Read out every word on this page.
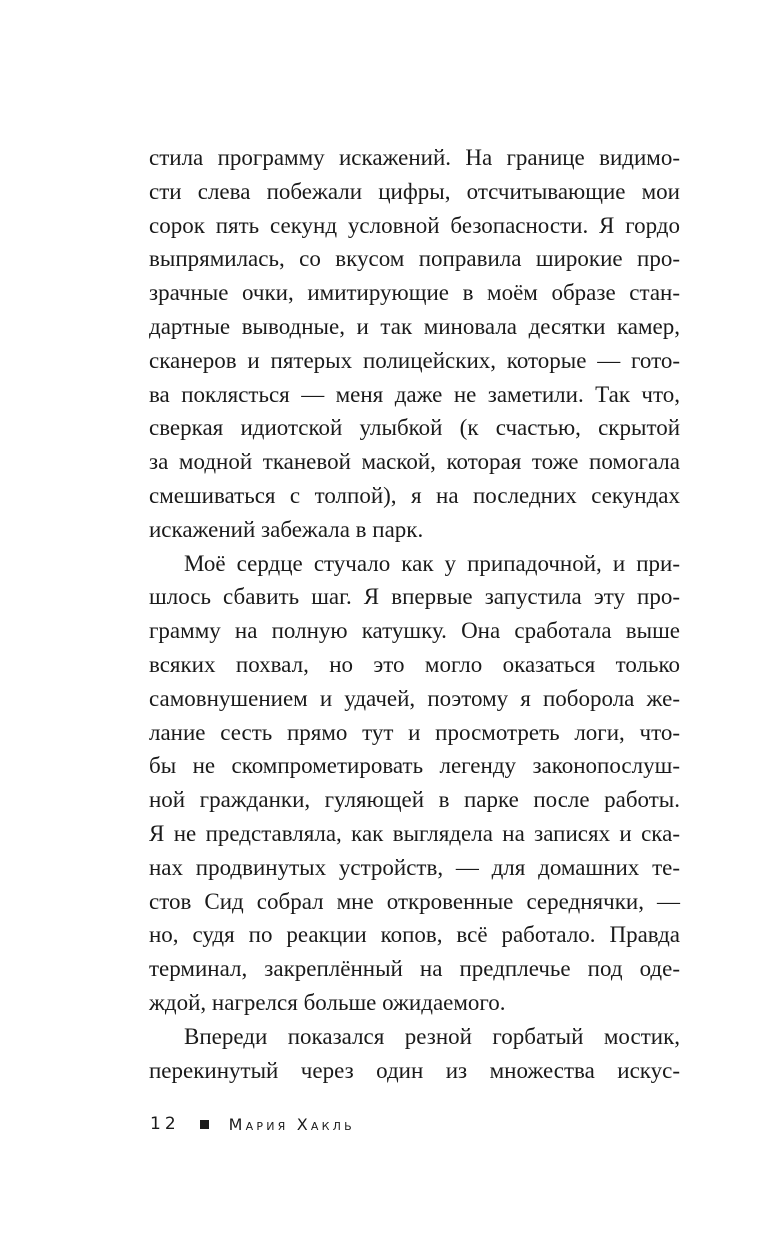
стила программу искажений. На границе видимо-
сти слева побежали цифры, отсчитывающие мои
сорок пять секунд условной безопасности. Я гордо
выпрямилась, со вкусом поправила широкие про-
зрачные очки, имитирующие в моём образе стан-
дартные выводные, и так миновала десятки камер,
сканеров и пятерых полицейских, которые — гото-
ва поклясться — меня даже не заметили. Так что,
сверкая идиотской улыбкой (к счастью, скрытой
за модной тканевой маской, которая тоже помогала
смешиваться с толпой), я на последних секундах
искажений забежала в парк.
Моё сердце стучало как у припадочной, и при-
шлось сбавить шаг. Я впервые запустила эту про-
грамму на полную катушку. Она сработала выше
всяких похвал, но это могло оказаться только
самовнушением и удачей, поэтому я поборола же-
лание сесть прямо тут и просмотреть логи, что-
бы не скомпрометировать легенду законопослуш-
ной гражданки, гуляющей в парке после работы.
Я не представляла, как выглядела на записях и ска-
нах продвинутых устройств, — для домашних те-
стов Сид собрал мне откровенные середнячки, —
но, судя по реакции копов, всё работало. Правда
терминал, закреплённый на предплечье под оде-
ждой, нагрелся больше ожидаемого.
Впереди показался резной горбатый мостик,
перекинутый через один из множества искус-
12	Мария Хакль
